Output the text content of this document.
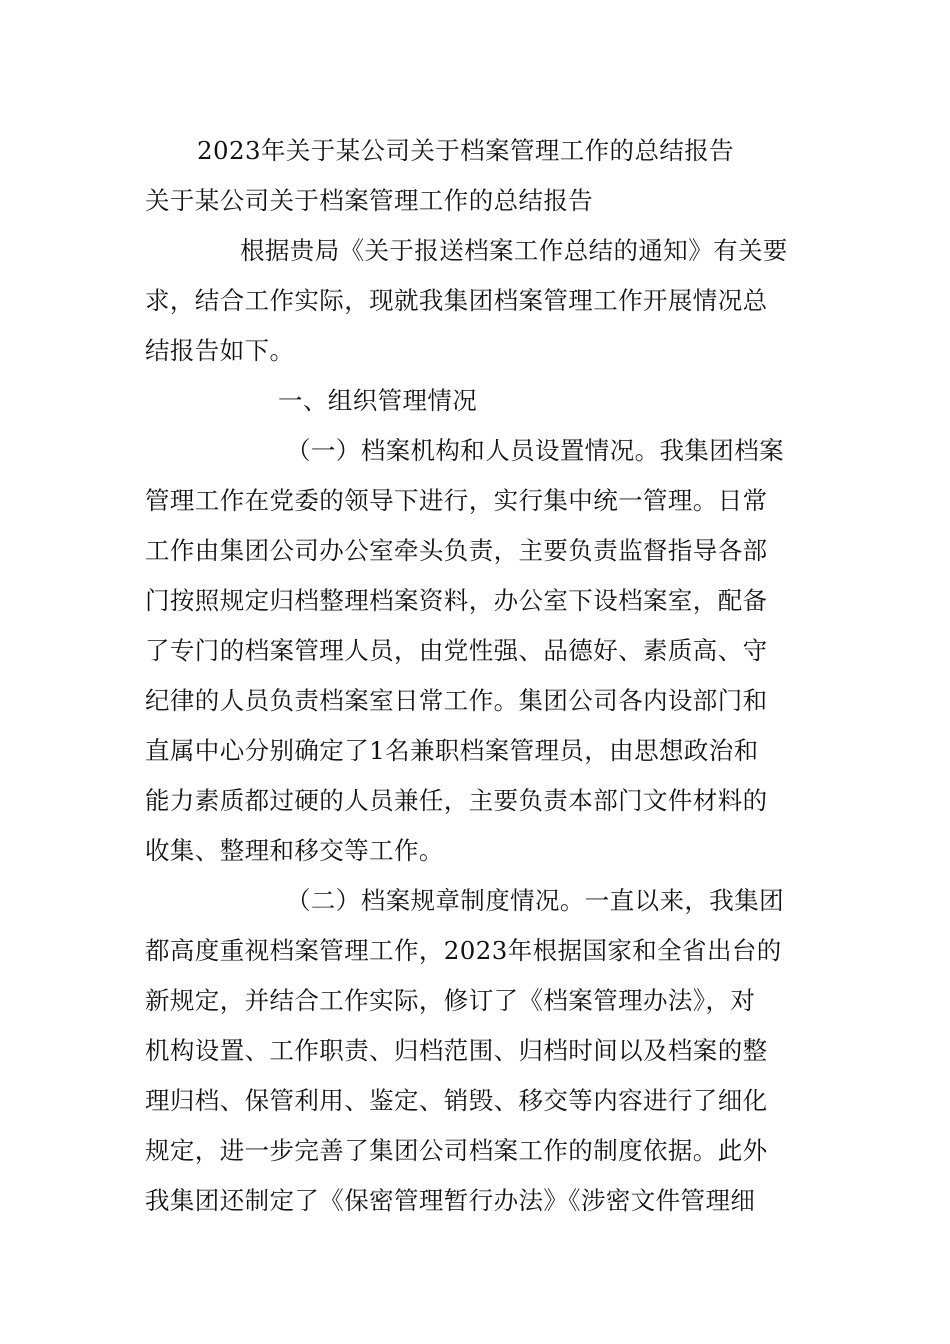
2023年关于某公司关于档案管理工作的总结报告

关于某公司关于档案管理工作的总结报告

根据贵局《关于报送档案工作总结的通知》有关要

求，结合工作实际，现就我集团档案管理工作开展情况总

结报告如下。

一、组织管理情况

（一）档案机构和人员设置情况。我集团档案

管理工作在党委的领导下进行，实行集中统一管理。日常

工作由集团公司办公室牵头负责，主要负责监督指导各部

门按照规定归档整理档案资料，办公室下设档案室，配备

了专门的档案管理人员，由党性强、品德好、素质高、守

纪律的人员负责档案室日常工作。集团公司各内设部门和

直属中心分别确定了1名兼职档案管理员，由思想政治和

能力素质都过硬的人员兼任，主要负责本部门文件材料的

收集、整理和移交等工作。

（二）档案规章制度情况。一直以来，我集团

都高度重视档案管理工作，2023年根据国家和全省出台的

新规定，并结合工作实际，修订了《档案管理办法》，对

机构设置、工作职责、归档范围、归档时间以及档案的整

理归档、保管利用、鉴定、销毁、移交等内容进行了细化

规定，进一步完善了集团公司档案工作的制度依据。此外

我集团还制定了《保密管理暂行办法》《涉密文件管理细
